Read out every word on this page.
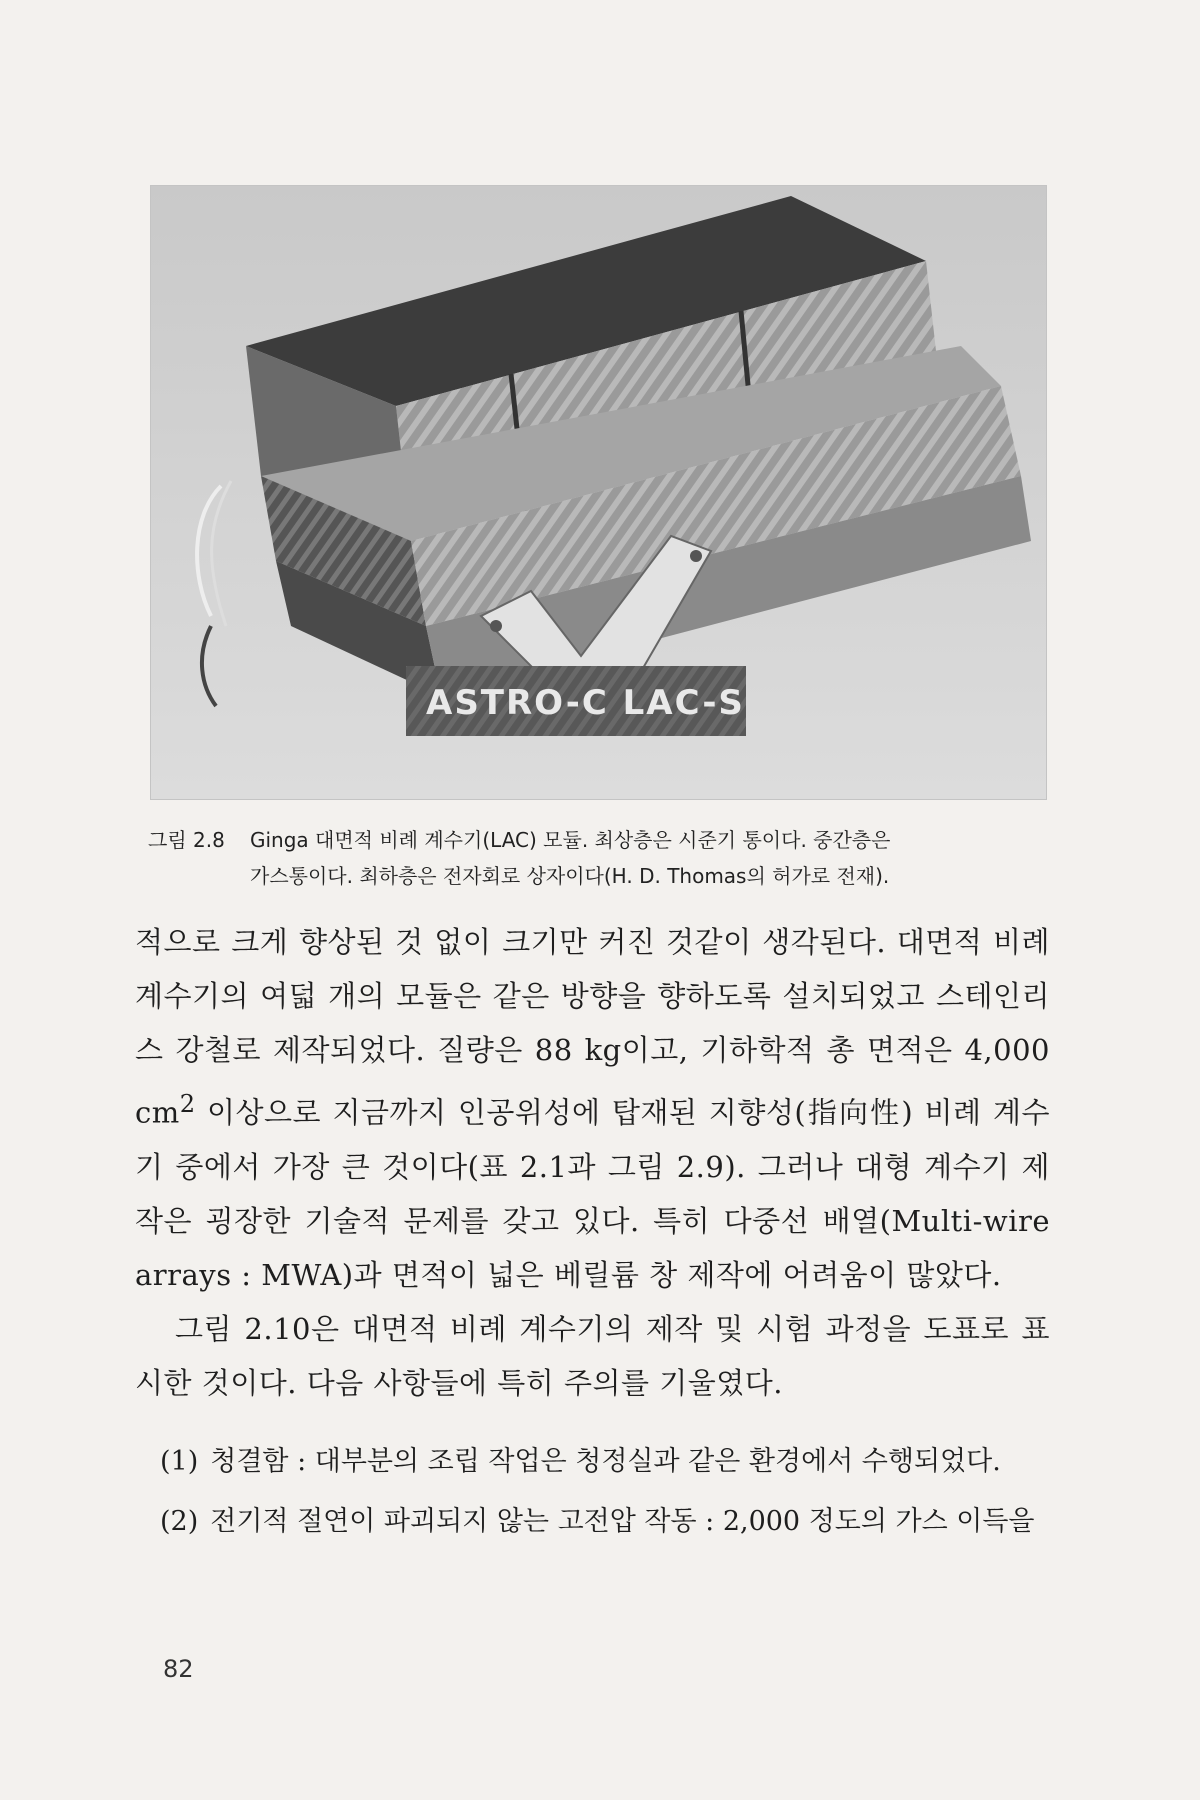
ASTRO-C LAC-S
그림 2.8 Ginga 대면적 비례 계수기(LAC) 모듈. 최상층은 시준기 통이다. 중간층은
가스통이다. 최하층은 전자회로 상자이다(H. D. Thomas의 허가로 전재).

적으로 크게 향상된 것 없이 크기만 커진 것같이 생각된다. 대면적 비례 계수기의 여덟 개의 모듈은 같은 방향을 향하도록 설치되었고 스테인리스 강철로 제작되었다. 질량은 88 kg이고, 기하학적 총 면적은 4,000 $cm^2$ 이상으로 지금까지 인공위성에 탑재된 지향성(指向性) 비례 계수기 중에서 가장 큰 것이다(표 2.1과 그림 2.9). 그러나 대형 계수기 제작은 굉장한 기술적 문제를 갖고 있다. 특히 다중선 배열(Multi-wire arrays : MWA)과 면적이 넓은 베릴륨 창 제작에 어려움이 많았다.

그림 2.10은 대면적 비례 계수기의 제작 및 시험 과정을 도표로 표시한 것이다. 다음 사항들에 특히 주의를 기울였다.

(1) 청결함 : 대부분의 조립 작업은 청정실과 같은 환경에서 수행되었다.
(2) 전기적 절연이 파괴되지 않는 고전압 작동 : 2,000 정도의 가스 이득을
82
